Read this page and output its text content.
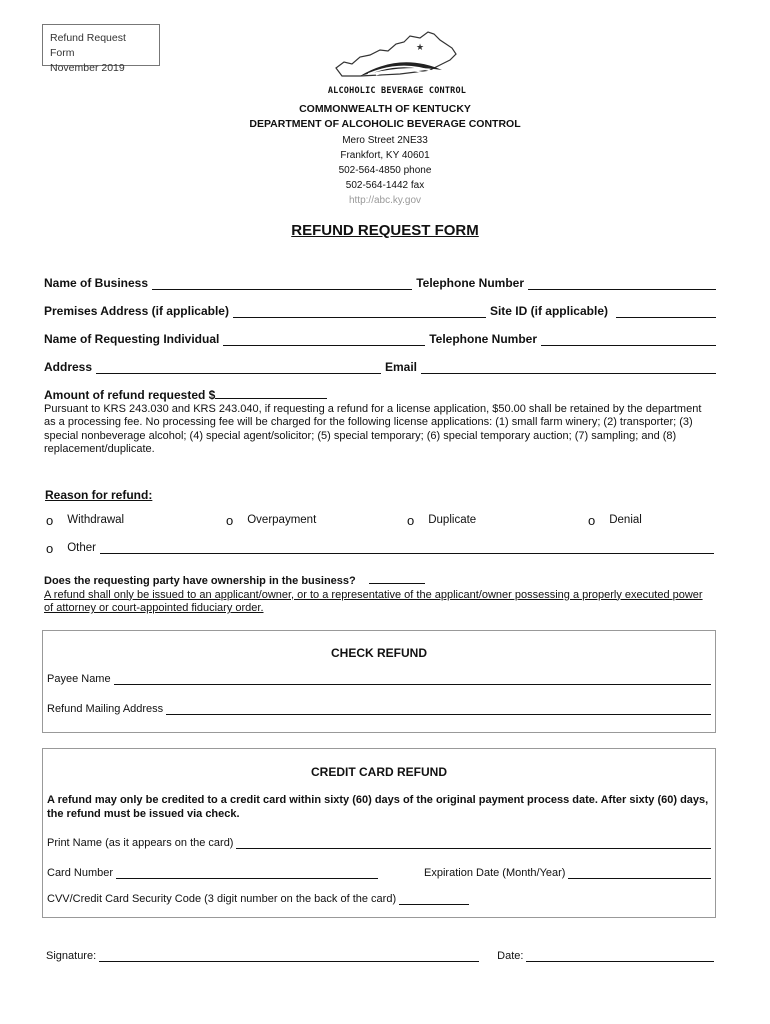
Refund Request Form
November 2019
★
ALCOHOLIC BEVERAGE CONTROL
COMMONWEALTH OF KENTUCKY
DEPARTMENT OF ALCOHOLIC BEVERAGE CONTROL
Mero Street 2NE33
Frankfort, KY 40601
502-564-4850 phone
502-564-1442 fax
http://abc.ky.gov
REFUND REQUEST FORM
Name of Business	Telephone Number
Premises Address (if applicable)	Site ID (if applicable)
Name of Requesting Individual	Telephone Number
Address	Email
Amount of refund requested $
Pursuant to KRS 243.030 and KRS 243.040, if requesting a refund for a license application, $50.00 shall be retained by the department as a processing fee. No processing fee will be charged for the following license applications: (1) small farm winery; (2) transporter; (3) special nonbeverage alcohol; (4) special agent/solicitor; (5) special temporary; (6) special temporary auction; (7) sampling; and (8) replacement/duplicate.
Reason for refund:
o Withdrawal	o Overpayment	o Duplicate	o Denial
o Other
Does the requesting party have ownership in the business?
A refund shall only be issued to an applicant/owner, or to a representative of the applicant/owner possessing a properly executed power of attorney or court-appointed fiduciary order.
CHECK REFUND
Payee Name
Refund Mailing Address
CREDIT CARD REFUND
A refund may only be credited to a credit card within sixty (60) days of the original payment process date. After sixty (60) days, the refund must be issued via check.
Print Name (as it appears on the card)
Card Number	Expiration Date (Month/Year)
CVV/Credit Card Security Code (3 digit number on the back of the card)
Signature:	Date:
